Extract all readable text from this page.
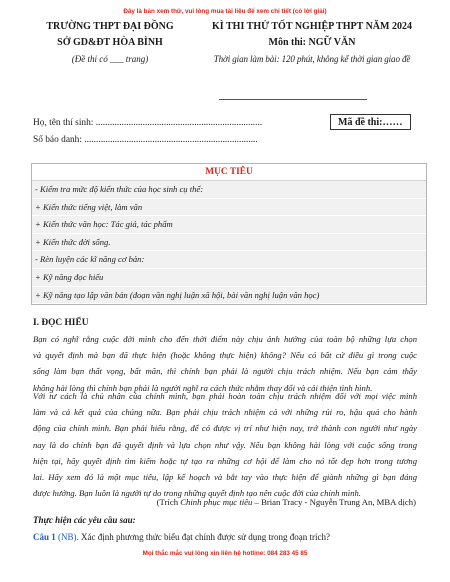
Đây là bản xem thử, vui lòng mua tài liệu để xem chi tiết (có lời giải)
TRƯỜNG THPT ĐẠI ĐỒNG
SỞ GD&ĐT HÒA BÌNH
(Đề thi có ___ trang)
KÌ THI THỬ TỐT NGHIỆP THPT NĂM 2024
Môn thi: NGỮ VĂN
Thời gian làm bài: 120 phút, không kể thời gian giao đề
Họ, tên thí sinh: .......................................................................
Số báo danh: ..........................................................................
Mã đề thi:……
MỤC TIÊU
- Kiểm tra mức độ kiến thức của học sinh cụ thể:
+ Kiến thức tiếng việt, làm văn
+ Kiến thức văn học: Tác giả, tác phẩm
+ Kiến thức đời sống.
- Rèn luyện các kĩ năng cơ bản:
+ Kỹ năng đọc hiểu
+ Kỹ năng tạo lập văn bản (đoạn văn nghị luận xã hội, bài văn nghị luận văn học)
I. ĐỌC HIỂU
Bạn có nghĩ rằng cuộc đời mình cho đến thời điểm này chịu ảnh hưởng của toàn bộ những lựa chọn
và quyết định mà bạn đã thực hiện (hoặc không thực hiện) không? Nếu có bất cứ điều gì trong cuộc
sống làm bạn thất vọng, bất mãn, thì chính bạn phải là người chịu trách nhiệm. Nếu bạn cảm thấy
không hài lòng thì chính bạn phải là người nghĩ ra cách thức nhằm thay đổi và cải thiện tình hình.
Với tư cách là chủ nhân của chính mình, bạn phải hoàn toàn chịu trách nhiệm đối với mọi việc mình
làm và cả kết quả của chúng nữa. Bạn phải chịu trách nhiệm cả với những rủi ro, hậu quả cho hành
động của chính mình. Bạn phải hiểu rằng, để có được vị trí như hiện nay, trở thành con người như ngày
nay là do chính bạn đã quyết định và lựa chọn như vậy. Nếu bạn không hài lòng với cuộc sống trong
hiện tại, hãy quyết định tìm kiếm hoặc tự tạo ra những cơ hội để làm cho nó tốt đẹp hơn trong tương
lai. Hãy xem đó là một mục tiêu, lập kế hoạch và bắt tay vào thực hiện để giành những gì bạn đáng
được hưởng. Bạn luôn là người tự do trong những quyết định tạo nên cuộc đời của chính mình.
(Trích Chinh phục mục tiêu – Brian Tracy - Nguyễn Trung An, MBA dịch)
Thực hiện các yêu cầu sau:
Câu 1 (NB). Xác định phương thức biểu đạt chính được sử dụng trong đoạn trích?
Mọi thắc mắc vui lòng xin liên hệ hotline: 084 283 45 85
